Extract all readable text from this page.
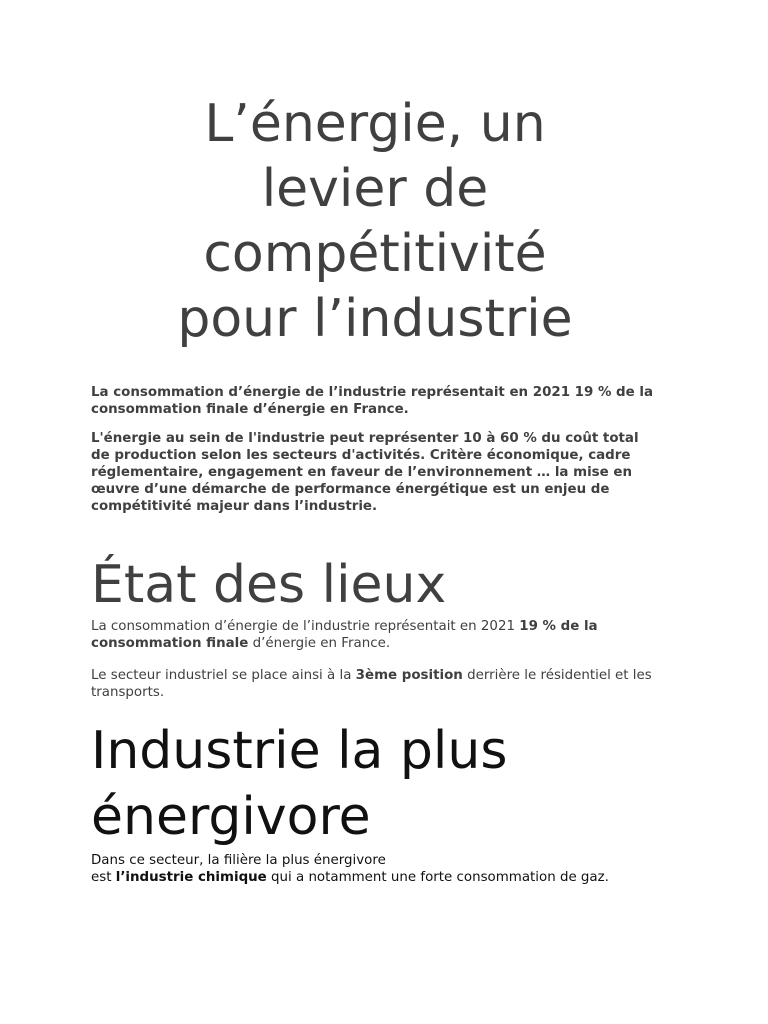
L’énergie, un
levier de
compétitivité
pour l’industrie

La consommation d’énergie de l’industrie représentait en 2021 19 % de la consommation finale d’énergie en France.

L'énergie au sein de l'industrie peut représenter 10 à 60 % du coût total de production selon les secteurs d'activités. Critère économique, cadre réglementaire, engagement en faveur de l’environnement … la mise en œuvre d’une démarche de performance énergétique est un enjeu de compétitivité majeur dans l’industrie.

État des lieux

La consommation d’énergie de l’industrie représentait en 2021 19 % de la consommation finale d’énergie en France.

Le secteur industriel se place ainsi à la 3ème position derrière le résidentiel et les transports.

Industrie la plus
énergivore

Dans ce secteur, la filière la plus énergivore
est l’industrie chimique qui a notamment une forte consommation de gaz.
